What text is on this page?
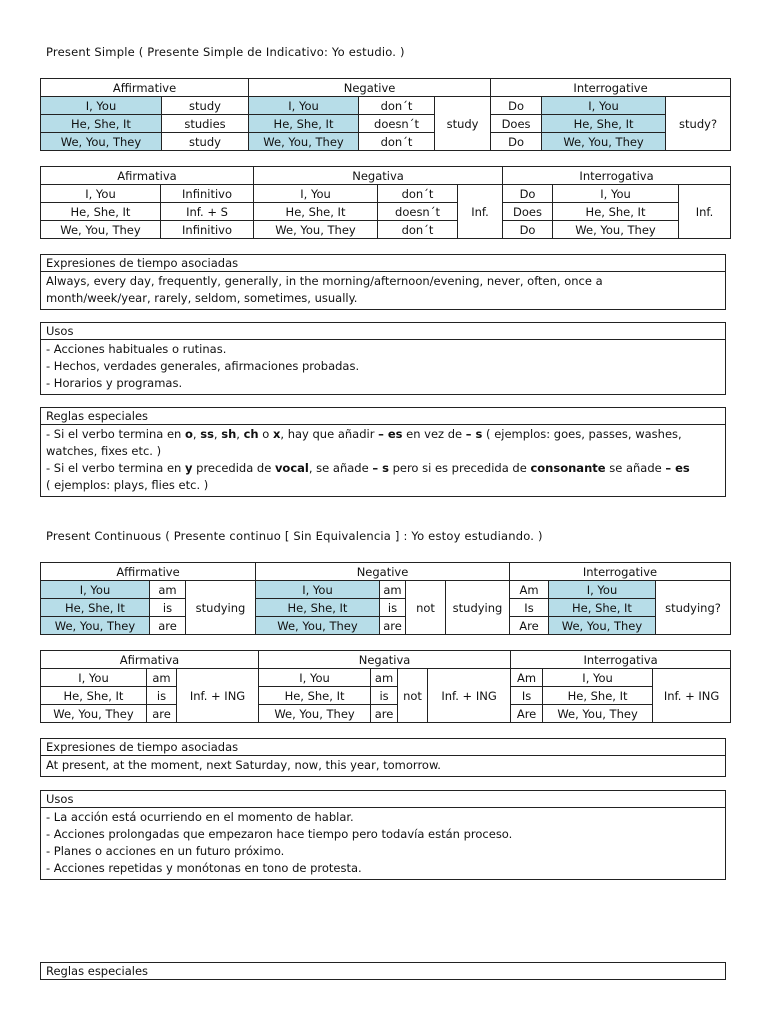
Present Simple ( Presente Simple de Indicativo: Yo estudio. )
Affirmative		Negative			Interrogative		
I, You	study	I, You	don´t	study	Do	I, You	study?
He, She, It	studies	He, She, It	doesn´t		Does	He, She, It	
We, You, They	study	We, You, They	don´t		Do	We, You, They	
Afirmativa		Negativa			Interrogativa		
I, You	Infinitivo	I, You	don´t	Inf.	Do	I, You	Inf.
He, She, It	Inf. + S	He, She, It	doesn´t		Does	He, She, It	
We, You, They	Infinitivo	We, You, They	don´t		Do	We, You, They	
Expresiones de tiempo asociadas
Always, every day, frequently, generally, in the morning/afternoon/evening, never, often, once a
month/week/year, rarely, seldom, sometimes, usually.
Usos
- Acciones habituales o rutinas.
- Hechos, verdades generales, afirmaciones probadas.
- Horarios y programas.
Reglas especiales
- Si el verbo termina en o, ss, sh, ch o x, hay que añadir – es en vez de – s ( ejemplos: goes, passes, washes,
watches, fixes etc. )
- Si el verbo termina en y precedida de vocal, se añade – s pero si es precedida de consonante se añade – es
( ejemplos: plays, flies etc. )
Present Continuous ( Presente continuo [ Sin Equivalencia ] : Yo estoy estudiando. )
Affirmative			Negative				Interrogative		
I, You	am	studying	I, You	am	not	studying	Am	I, You	studying?
He, She, It	is		He, She, It	is			Is	He, She, It	
We, You, They	are		We, You, They	are			Are	We, You, They	
Afirmativa			Negativa				Interrogativa		
I, You	am	Inf. + ING	I, You	am	not	Inf. + ING	Am	I, You	Inf. + ING
He, She, It	is		He, She, It	is			Is	He, She, It	
We, You, They	are		We, You, They	are			Are	We, You, They	
Expresiones de tiempo asociadas
At present, at the moment, next Saturday, now, this year, tomorrow.
Usos
- La acción está ocurriendo en el momento de hablar.
- Acciones prolongadas que empezaron hace tiempo pero todavía están proceso.
- Planes o acciones en un futuro próximo.
- Acciones repetidas y monótonas en tono de protesta.
Reglas especiales
